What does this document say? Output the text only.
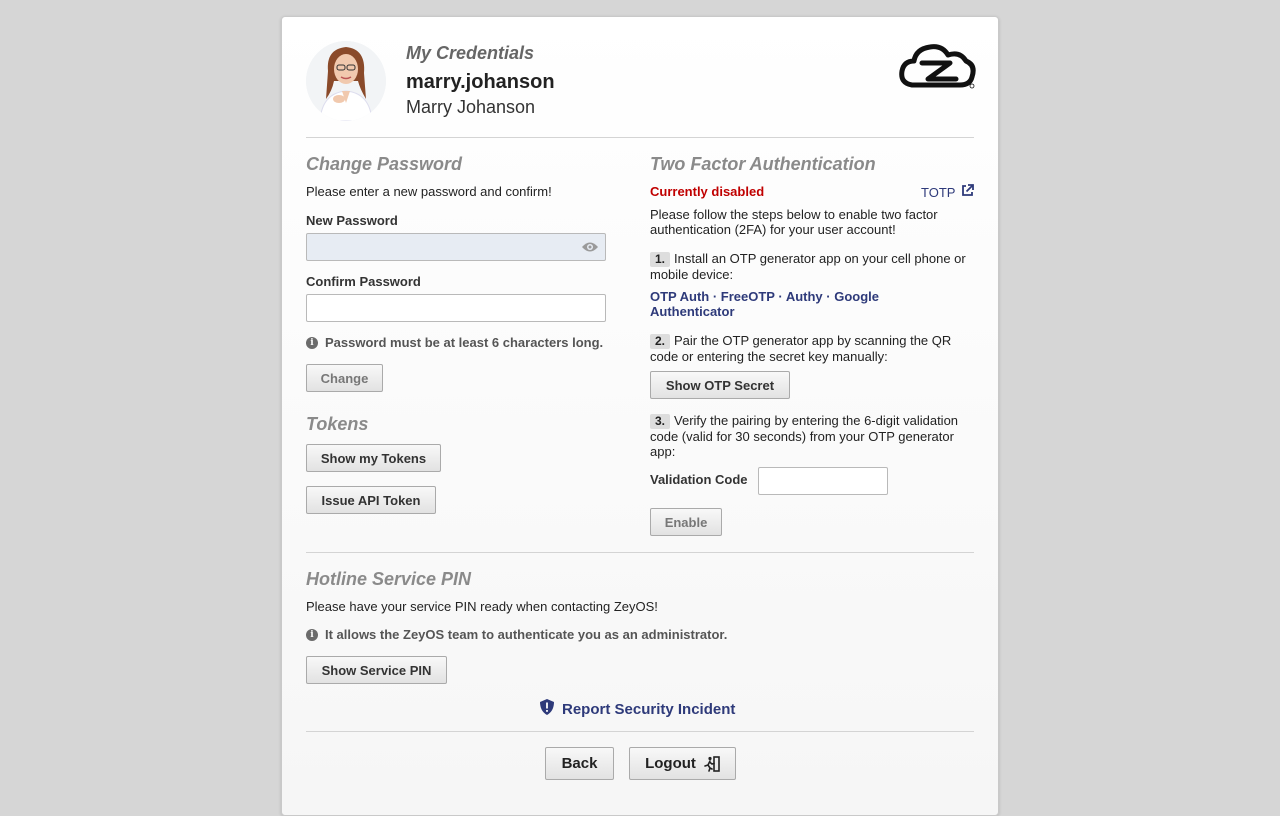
My Credentials
marry.johanson
Marry Johanson
Change Password
Please enter a new password and confirm!
New Password
Confirm Password
i Password must be at least 6 characters long.
Change
Tokens
Show my Tokens
Issue API Token
Two Factor Authentication
Currently disabled	TOTP
Please follow the steps below to enable two factor authentication (2FA) for your user account!
1. Install an OTP generator app on your cell phone or mobile device:
OTP Auth · FreeOTP · Authy · Google Authenticator
2. Pair the OTP generator app by scanning the QR code or entering the secret key manually:
Show OTP Secret
3. Verify the pairing by entering the 6-digit validation code (valid for 30 seconds) from your OTP generator app:
Validation Code
Enable
Hotline Service PIN
Please have your service PIN ready when contacting ZeyOS!
i It allows the ZeyOS team to authenticate you as an administrator.
Show Service PIN
Report Security Incident
Back	Logout
